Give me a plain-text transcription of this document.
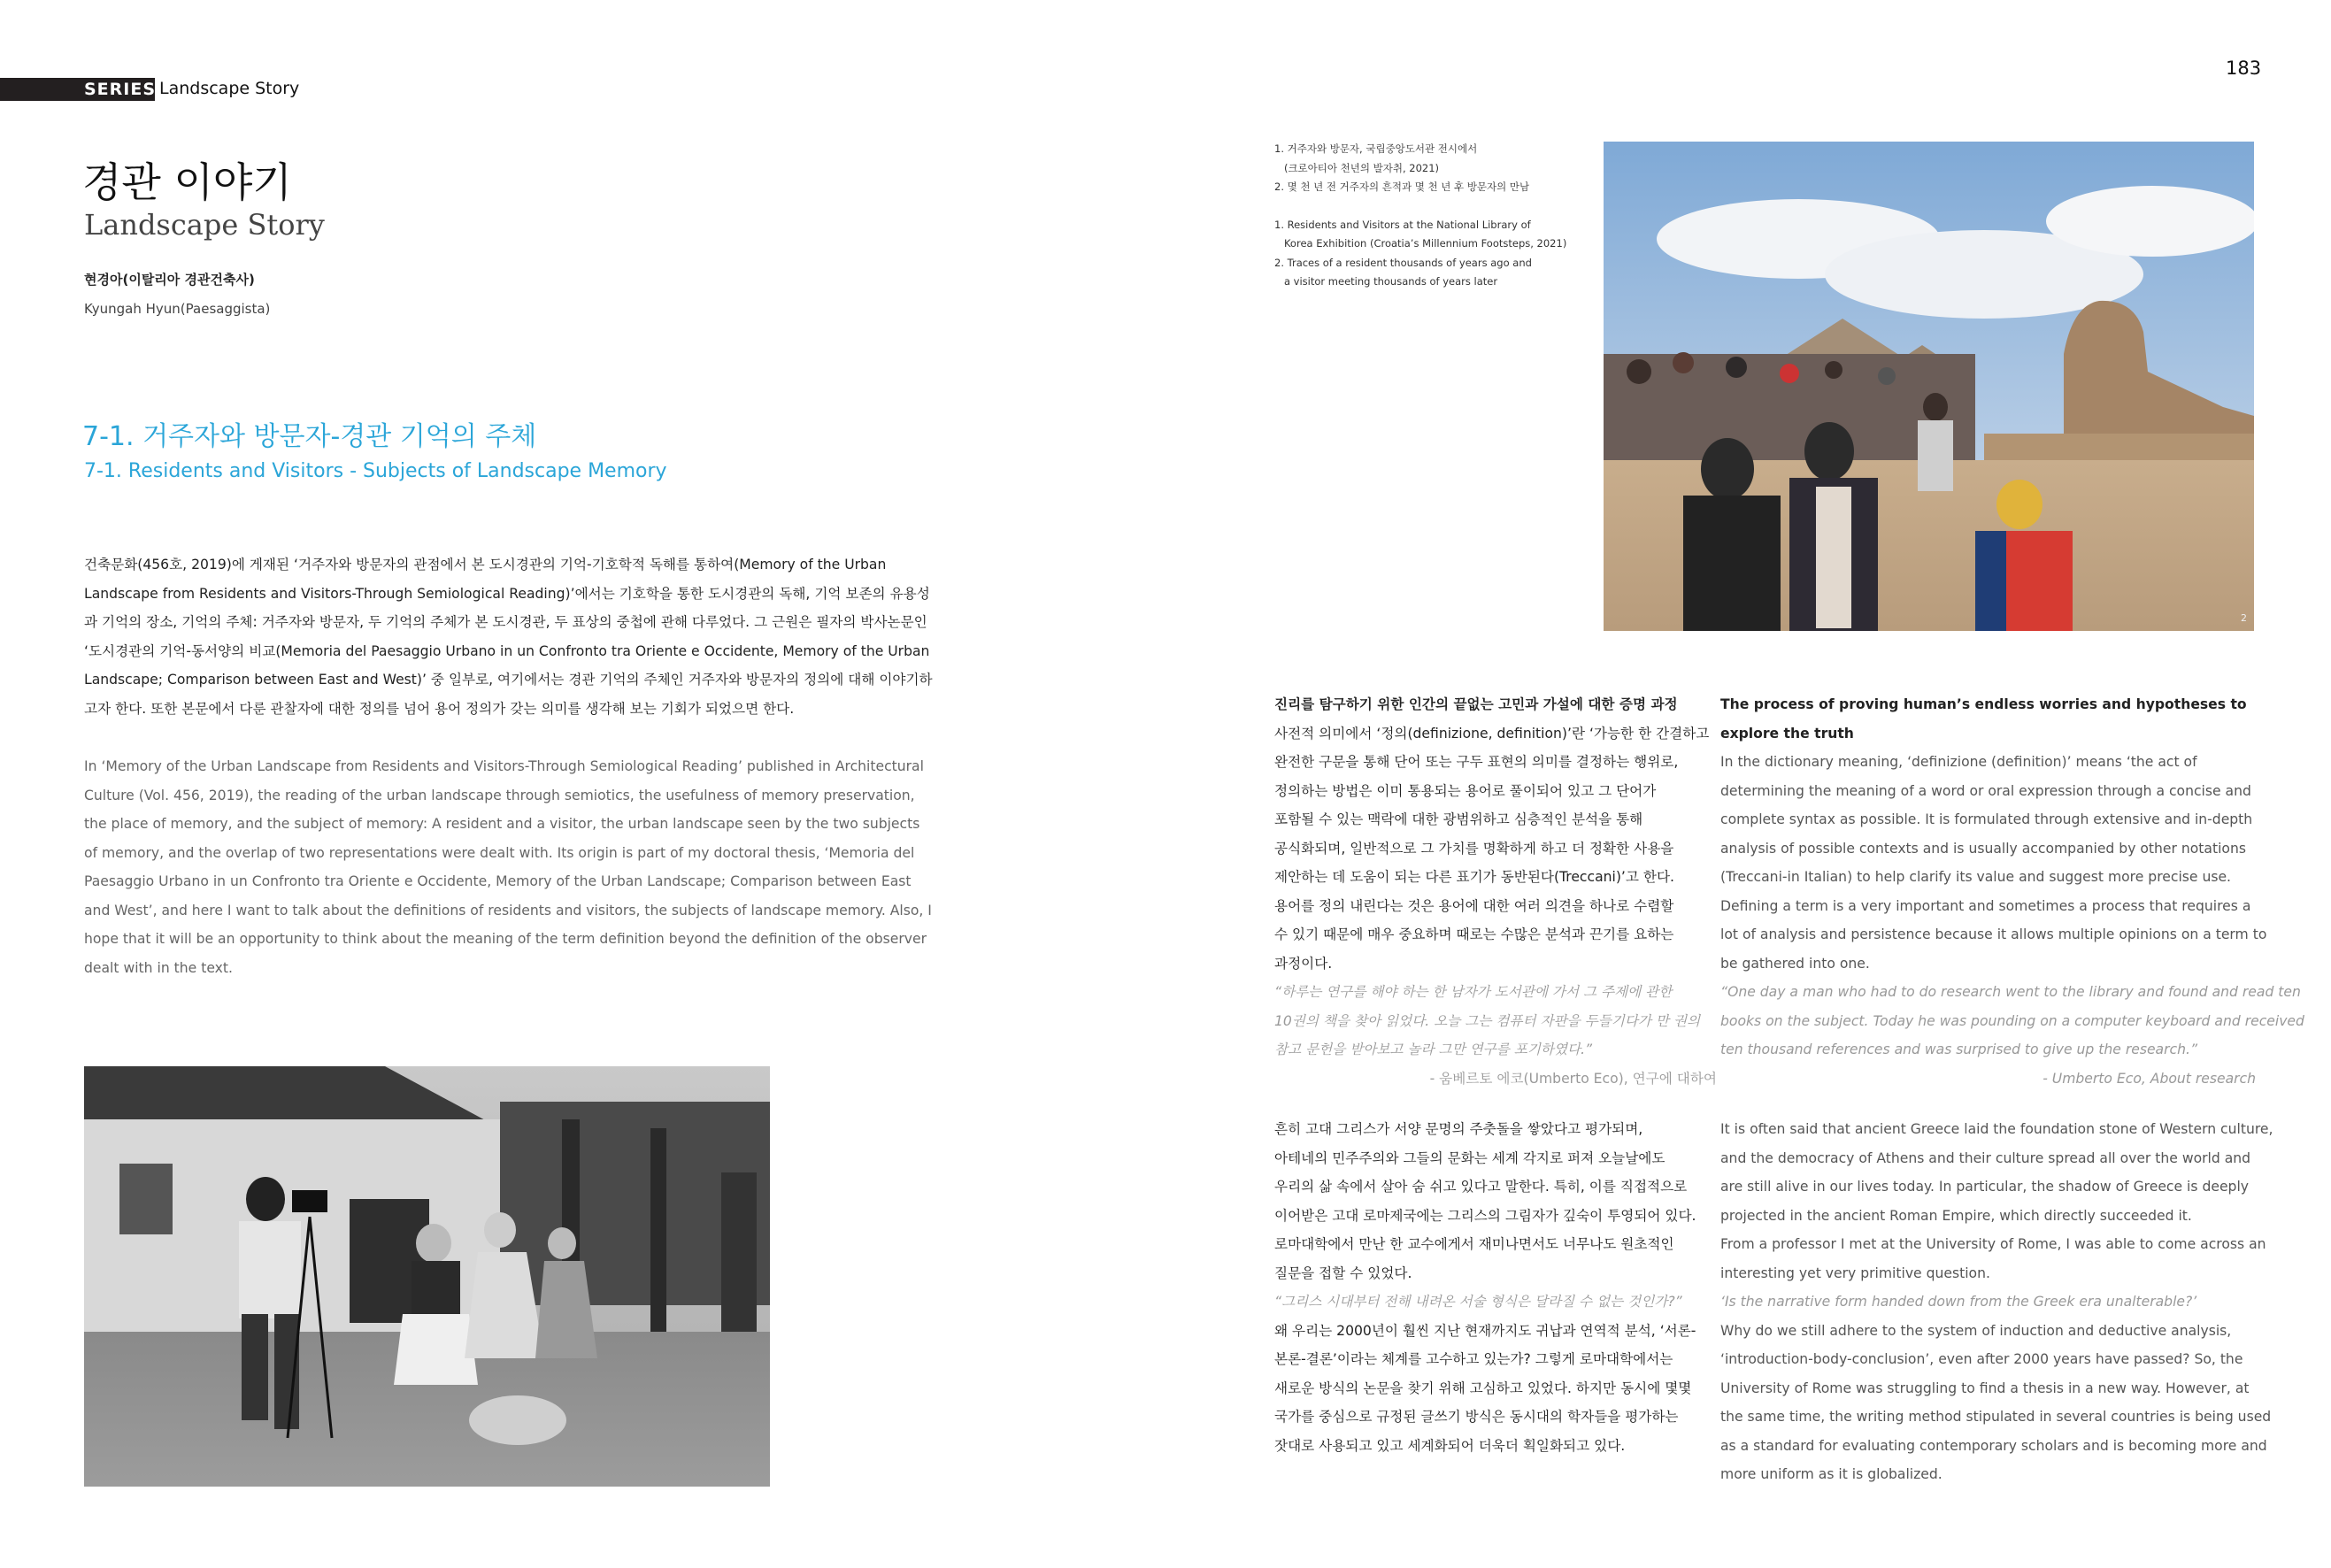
SERIES Landscape Story
183
경관 이야기
Landscape Story
현경아(이탈리아 경관건축사)
Kyungah Hyun(Paesaggista)
7-1. 거주자와 방문자-경관 기억의 주체
7-1. Residents and Visitors - Subjects of Landscape Memory
건축문화(456호, 2019)에 게재된 ‘거주자와 방문자의 관점에서 본 도시경관의 기억-기호학적 독해를 통하여(Memory of the Urban Landscape from Residents and Visitors-Through Semiological Reading)’에서는 기호학을 통한 도시경관의 독해, 기억 보존의 유용성과 기억의 장소, 기억의 주체: 거주자와 방문자, 두 기억의 주체가 본 도시경관, 두 표상의 중첩에 관해 다루었다. 그 근원은 필자의 박사논문인 ‘도시경관의 기억-동서양의 비교(Memoria del Paesaggio Urbano in un Confronto tra Oriente e Occidente, Memory of the Urban Landscape; Comparison between East and West)’ 중 일부로, 여기에서는 경관 기억의 주체인 거주자와 방문자의 정의에 대해 이야기하고자 한다. 또한 본문에서 다룬 관찰자에 대한 정의를 넘어 용어 정의가 갖는 의미를 생각해 보는 기회가 되었으면 한다.
In ‘Memory of the Urban Landscape from Residents and Visitors-Through Semiological Reading’ published in Architectural Culture (Vol. 456, 2019), the reading of the urban landscape through semiotics, the usefulness of memory preservation, the place of memory, and the subject of memory: A resident and a visitor, the urban landscape seen by the two subjects of memory, and the overlap of two representations were dealt with. Its origin is part of my doctoral thesis, ‘Memoria del Paesaggio Urbano in un Confronto tra Oriente e Occidente, Memory of the Urban Landscape; Comparison between East and West’, and here I want to talk about the definitions of residents and visitors, the subjects of landscape memory. Also, I hope that it will be an opportunity to think about the meaning of the term definition beyond the definition of the observer dealt with in the text.

1. 거주자와 방문자, 국립중앙도서관 전시에서

(크로아티아 천년의 발자취, 2021)

2. 몇 천 년 전 거주자의 흔적과 몇 천 년 후 방문자의 만남

1. Residents and Visitors at the National Library of

Korea Exhibition (Croatia’s Millennium Footsteps, 2021)

2. Traces of a resident thousands of years ago and

a visitor meeting thousands of years later

2

진리를 탐구하기 위한 인간의 끝없는 고민과 가설에 대한 증명 과정

사전적 의미에서 ‘정의(definizione, definition)’란 ‘가능한 한 간결하고

완전한 구문을 통해 단어 또는 구두 표현의 의미를 결정하는 행위로,

정의하는 방법은 이미 통용되는 용어로 풀이되어 있고 그 단어가

포함될 수 있는 맥락에 대한 광범위하고 심층적인 분석을 통해

공식화되며, 일반적으로 그 가치를 명확하게 하고 더 정확한 사용을

제안하는 데 도움이 되는 다른 표기가 동반된다(Treccani)’고 한다.

용어를 정의 내린다는 것은 용어에 대한 여러 의견을 하나로 수렴할

수 있기 때문에 매우 중요하며 때로는 수많은 분석과 끈기를 요하는

과정이다.

“하루는 연구를 해야 하는 한 남자가 도서관에 가서 그 주제에 관한

10권의 책을 찾아 읽었다. 오늘 그는 컴퓨터 자판을 두들기다가 만 권의

참고 문헌을 받아보고 놀라 그만 연구를 포기하였다.”

- 움베르토 에코(Umberto Eco), 연구에 대하여

흔히 고대 그리스가 서양 문명의 주춧돌을 쌓았다고 평가되며,

아테네의 민주주의와 그들의 문화는 세계 각지로 퍼져 오늘날에도

우리의 삶 속에서 살아 숨 쉬고 있다고 말한다. 특히, 이를 직접적으로

이어받은 고대 로마제국에는 그리스의 그림자가 깊숙이 투영되어 있다.

로마대학에서 만난 한 교수에게서 재미나면서도 너무나도 원초적인

질문을 접할 수 있었다.

“그리스 시대부터 전해 내려온 서술 형식은 달라질 수 없는 것인가?”

왜 우리는 2000년이 훨씬 지난 현재까지도 귀납과 연역적 분석, ‘서론-

본론-결론’이라는 체계를 고수하고 있는가? 그렇게 로마대학에서는

새로운 방식의 논문을 찾기 위해 고심하고 있었다. 하지만 동시에 몇몇

국가를 중심으로 규정된 글쓰기 방식은 동시대의 학자들을 평가하는

잣대로 사용되고 있고 세계화되어 더욱더 획일화되고 있다.

The process of proving human’s endless worries and hypotheses to

explore the truth

In the dictionary meaning, ‘definizione (definition)’ means ‘the act of

determining the meaning of a word or oral expression through a concise and

complete syntax as possible. It is formulated through extensive and in-depth

analysis of possible contexts and is usually accompanied by other notations

(Treccani-in Italian) to help clarify its value and suggest more precise use.

Defining a term is a very important and sometimes a process that requires a

lot of analysis and persistence because it allows multiple opinions on a term to

be gathered into one.

“One day a man who had to do research went to the library and found and read ten

books on the subject. Today he was pounding on a computer keyboard and received

ten thousand references and was surprised to give up the research.”

- Umberto Eco, About research

It is often said that ancient Greece laid the foundation stone of Western culture,

and the democracy of Athens and their culture spread all over the world and

are still alive in our lives today. In particular, the shadow of Greece is deeply

projected in the ancient Roman Empire, which directly succeeded it.

From a professor I met at the University of Rome, I was able to come across an

interesting yet very primitive question.

‘Is the narrative form handed down from the Greek era unalterable?’

Why do we still adhere to the system of induction and deductive analysis,

‘introduction-body-conclusion’, even after 2000 years have passed? So, the

University of Rome was struggling to find a thesis in a new way. However, at

the same time, the writing method stipulated in several countries is being used

as a standard for evaluating contemporary scholars and is becoming more and

more uniform as it is globalized.
